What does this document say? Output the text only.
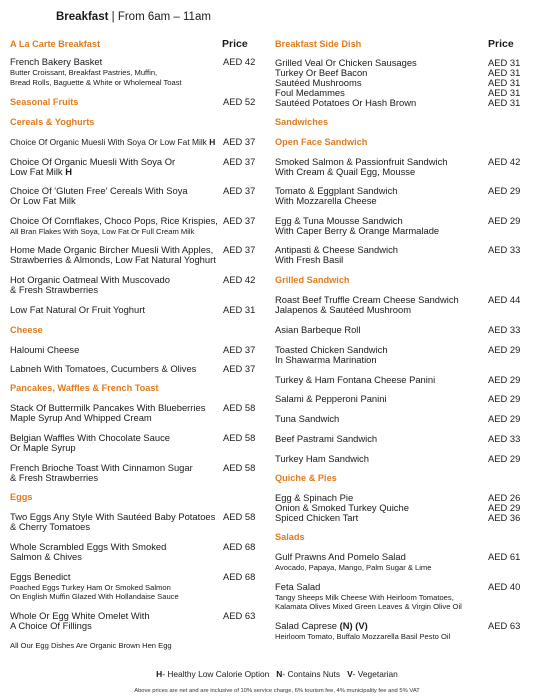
Breakfast | From 6am – 11am
A La Carte Breakfast	Price
French Bakery Basket
Butter Croissant, Breakfast Pastries, Muffin,
Bread Rolls, Baguette & White or Wholemeal Toast
AED 42
Seasonal Fruits	AED 52
Cereals & Yoghurts
Choice Of Organic Muesli With Soya Or Low Fat Milk H AED 37
Choice Of Organic Muesli With Soya Or
Low Fat Milk H
AED 37
Choice Of 'Gluten Free' Cereals With Soya
Or Low Fat Milk
AED 37
Choice Of Cornflakes, Choco Pops, Rice Krispies,
All Bran Flakes With Soya, Low Fat Or Full Cream Milk
AED 37
Home Made Organic Bircher Muesli With Apples,
Strawberries & Almonds, Low Fat Natural Yoghurt
AED 37
Hot Organic Oatmeal With Muscovado
& Fresh Strawberries
AED 42
Low Fat Natural Or Fruit Yoghurt	AED 31
Cheese
Haloumi Cheese	AED 37
Labneh With Tomatoes, Cucumbers & Olives	AED 37
Pancakes, Waffles & French Toast
Stack Of Buttermilk Pancakes With Blueberries
Maple Syrup And Whipped Cream
AED 58
Belgian Waffles With Chocolate Sauce
Or Maple Syrup
AED 58
French Brioche Toast With Cinnamon Sugar
& Fresh Strawberries
AED 58
Eggs
Two Eggs Any Style With Sautéed Baby Potatoes
& Cherry Tomatoes
AED 58
Whole Scrambled Eggs With Smoked
Salmon & Chives
AED 68
Eggs Benedict
Poached Eggs Turkey Ham Or Smoked Salmon
On English Muffin Glazed With Hollandaise Sauce
AED 68
Whole Or Egg White Omelet With
A Choice Of Fillings
AED 63
All Our Egg Dishes Are Organic Brown Hen Egg
Breakfast Side Dish	Price
Grilled Veal Or Chicken Sausages	AED 31
Turkey Or Beef Bacon	AED 31
Sautéed Mushrooms	AED 31
Foul Medammes	AED 31
Sautéed Potatoes Or Hash Brown	AED 31
Sandwiches
Open Face Sandwich
Smoked Salmon & Passionfruit Sandwich
With Cream & Quail Egg, Mousse
AED 42
Tomato & Eggplant Sandwich
With Mozzarella Cheese
AED 29
Egg & Tuna Mousse Sandwich
With Caper Berry & Orange Marmalade
AED 29
Antipasti & Cheese Sandwich
With Fresh Basil
AED 33
Grilled Sandwich
Roast Beef Truffle Cream Cheese Sandwich
Jalapenos & Sautéed Mushroom
AED 44
Asian Barbeque Roll	AED 33
Toasted Chicken Sandwich
In Shawarma Marination
AED 29
Turkey & Ham Fontana Cheese Panini	AED 29
Salami & Pepperoni Panini	AED 29
Tuna Sandwich	AED 29
Beef Pastrami Sandwich	AED 33
Turkey Ham Sandwich	AED 29
Quiche & Pies
Egg & Spinach Pie	AED 26
Onion & Smoked Turkey Quiche	AED 29
Spiced Chicken Tart	AED 36
Salads
Gulf Prawns And Pomelo Salad
Avocado, Papaya, Mango, Palm Sugar & Lime
AED 61
Feta Salad
Tangy Sheeps Milk Cheese With Heirloom Tomatoes,
Kalamata Olives Mixed Green Leaves & Virgin Olive Oil
AED 40
Salad Caprese (N) (V)
Heirloom Tomato, Buffalo Mozzarella Basil Pesto Oil
AED 63
H- Healthy Low Calorie Option N- Contains Nuts V- Vegetarian
Above prices are net and are inclusive of 10% service charge, 6% tourism fee, 4% municipality fee and 5% VAT
